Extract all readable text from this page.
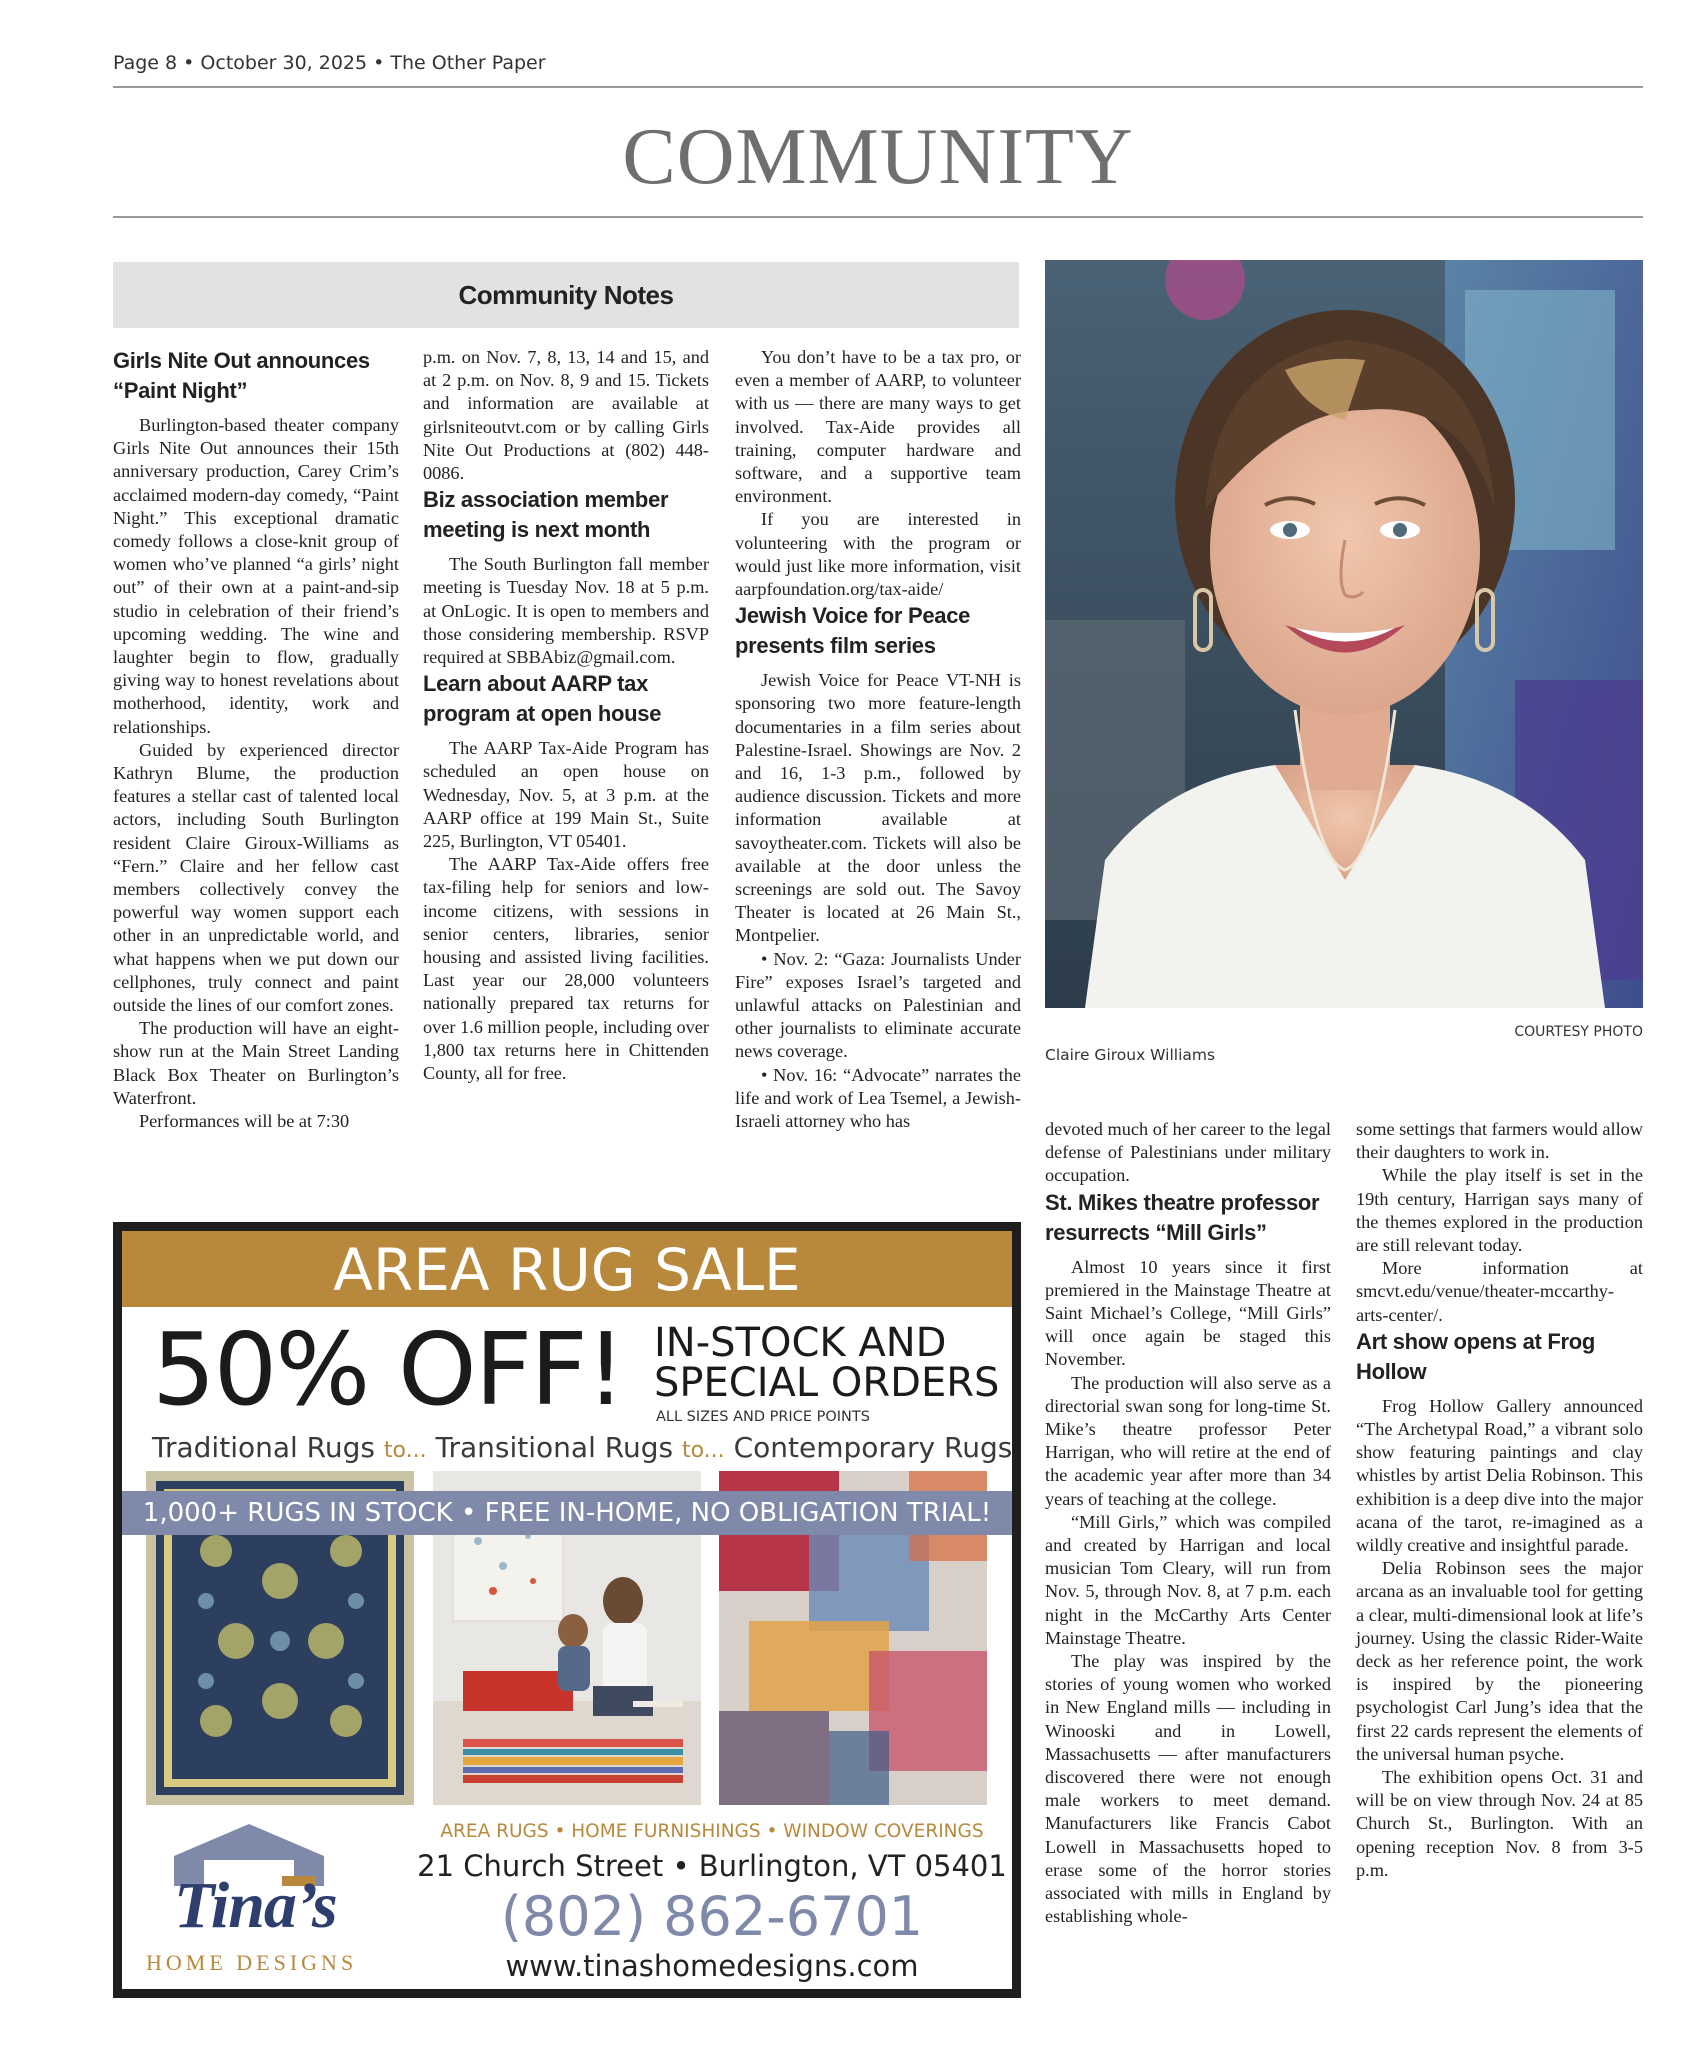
Page 8 • October 30, 2025 • The Other Paper
COMMUNITY
Community Notes
Girls Nite Out announces “Paint Night”

Burlington-based theater company Girls Nite Out announces their 15th anniversary production, Carey Crim’s acclaimed modern-day comedy, “Paint Night.” This exceptional dramatic comedy follows a close-knit group of women who’ve planned “a girls’ night out” of their own at a paint-and-sip studio in celebration of their friend’s upcoming wedding. The wine and laughter begin to flow, gradually giving way to honest revelations about motherhood, identity, work and relationships.

Guided by experienced director Kathryn Blume, the production features a stellar cast of talented local actors, including South Burlington resident Claire Giroux-Williams as “Fern.” Claire and her fellow cast members collectively convey the powerful way women support each other in an unpredictable world, and what happens when we put down our cellphones, truly connect and paint outside the lines of our comfort zones.

The production will have an eight-show run at the Main Street Landing Black Box Theater on Burlington’s Waterfront.

Performances will be at 7:30

p.m. on Nov. 7, 8, 13, 14 and 15, and at 2 p.m. on Nov. 8, 9 and 15. Tickets and information are available at girlsniteoutvt.com or by calling Girls Nite Out Productions at (802) 448-0086.

Biz association member meeting is next month

The South Burlington fall member meeting is Tuesday Nov. 18 at 5 p.m. at OnLogic. It is open to members and those considering membership. RSVP required at SBBAbiz@gmail.com.

Learn about AARP tax program at open house

The AARP Tax-Aide Program has scheduled an open house on Wednesday, Nov. 5, at 3 p.m. at the AARP office at 199 Main St., Suite 225, Burlington, VT 05401.

The AARP Tax-Aide offers free tax-filing help for seniors and low-income citizens, with sessions in senior centers, libraries, senior housing and assisted living facilities. Last year our 28,000 volunteers nationally prepared tax returns for over 1.6 million people, including over 1,800 tax returns here in Chittenden County, all for free.

You don’t have to be a tax pro, or even a member of AARP, to volunteer with us — there are many ways to get involved. Tax-Aide provides all training, computer hardware and software, and a supportive team environment.

If you are interested in volunteering with the program or would just like more information, visit aarpfoundation.org/tax-aide/

Jewish Voice for Peace presents film series

Jewish Voice for Peace VT-NH is sponsoring two more feature-length documentaries in a film series about Palestine-Israel. Showings are Nov. 2 and 16, 1-3 p.m., followed by audience discussion. Tickets and more information available at savoytheater.com. Tickets will also be available at the door unless the screenings are sold out. The Savoy Theater is located at 26 Main St., Montpelier.

• Nov. 2: “Gaza: Journalists Under Fire” exposes Israel’s targeted and unlawful attacks on Palestinian and other journalists to eliminate accurate news coverage.

• Nov. 16: “Advocate” narrates the life and work of Lea Tsemel, a Jewish-Israeli attorney who has

COURTESY PHOTO
Claire Giroux Williams

devoted much of her career to the legal defense of Palestinians under military occupation.

St. Mikes theatre professor resurrects “Mill Girls”

Almost 10 years since it first premiered in the Mainstage Theatre at Saint Michael’s College, “Mill Girls” will once again be staged this November.

The production will also serve as a directorial swan song for long-time St. Mike’s theatre professor Peter Harrigan, who will retire at the end of the academic year after more than 34 years of teaching at the college.

“Mill Girls,” which was compiled and created by Harrigan and local musician Tom Cleary, will run from Nov. 5, through Nov. 8, at 7 p.m. each night in the McCarthy Arts Center Mainstage Theatre.

The play was inspired by the stories of young women who worked in New England mills — including in Winooski and in Lowell, Massachusetts — after manufacturers discovered there were not enough male workers to meet demand. Manufacturers like Francis Cabot Lowell in Massachusetts hoped to erase some of the horror stories associated with mills in England by establishing whole-

some settings that farmers would allow their daughters to work in.

While the play itself is set in the 19th century, Harrigan says many of the themes explored in the production are still relevant today.

More information at smcvt.edu/venue/theater-mccarthy-arts-center/.

Art show opens at Frog Hollow

Frog Hollow Gallery announced “The Archetypal Road,” a vibrant solo show featuring paintings and clay whistles by artist Delia Robinson. This exhibition is a deep dive into the major acana of the tarot, re-imagined as a wildly creative and insightful parade.

Delia Robinson sees the major arcana as an invaluable tool for getting a clear, multi-dimensional look at life’s journey. Using the classic Rider-Waite deck as her reference point, the work is inspired by the pioneering psychologist Carl Jung’s idea that the first 22 cards represent the elements of the universal human psyche.

The exhibition opens Oct. 31 and will be on view through Nov. 24 at 85 Church St., Burlington. With an opening reception Nov. 8 from 3-5 p.m.

AREA RUG SALE
50% OFF! IN-STOCK AND
SPECIAL ORDERS
ALL SIZES AND PRICE POINTS
Traditional Rugs to... Transitional Rugs to... Contemporary Rugs
1,000+ RUGS IN STOCK • FREE IN-HOME, NO OBLIGATION TRIAL!
Tina’s
HOME DESIGNS
AREA RUGS • HOME FURNISHINGS • WINDOW COVERINGS
21 Church Street • Burlington, VT 05401
(802) 862-6701
www.tinashomedesigns.com
